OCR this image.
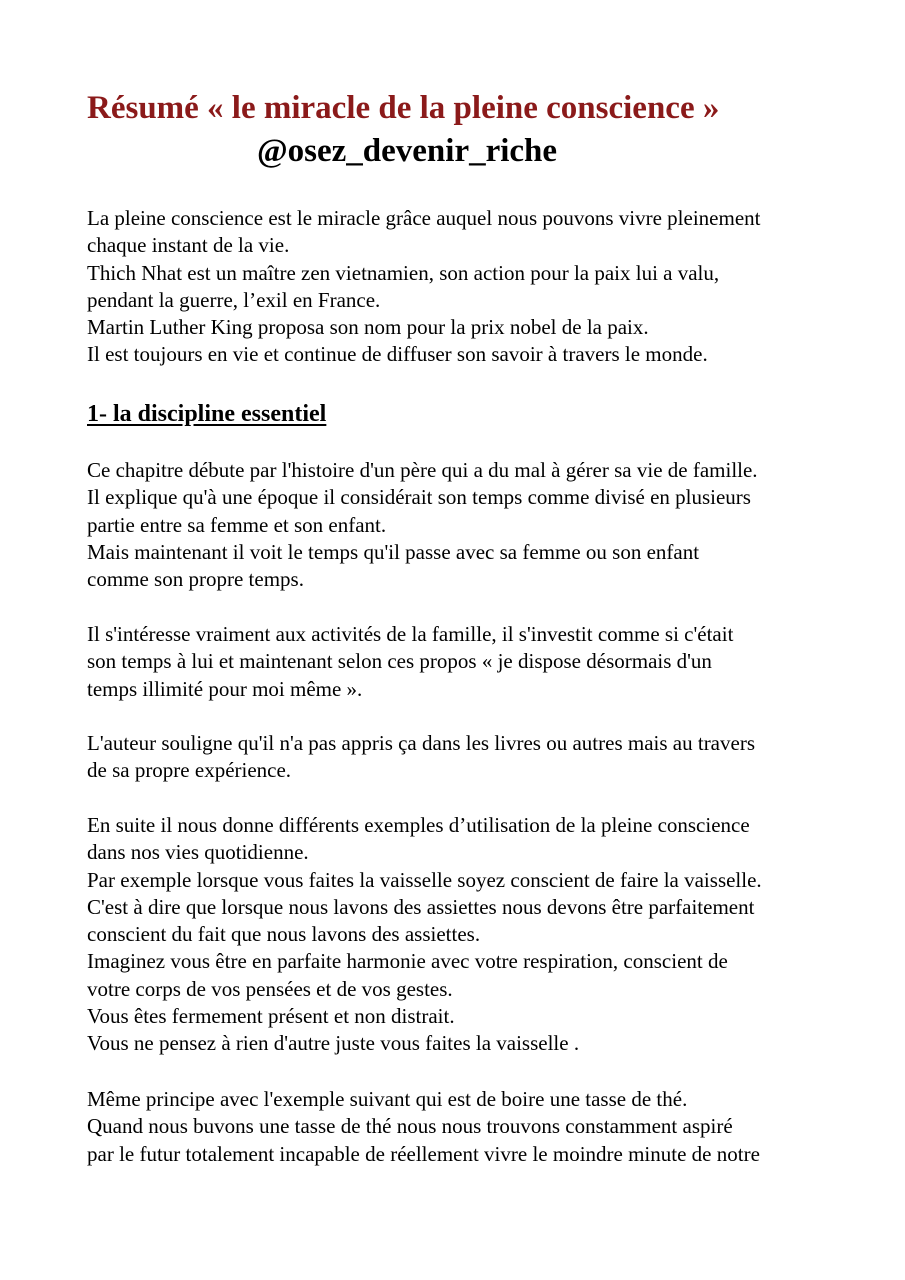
Résumé « le miracle de la pleine conscience »
@osez_devenir_riche
La pleine conscience est le miracle grâce auquel nous pouvons vivre pleinement
chaque instant de la vie.
Thich Nhat est un maître zen vietnamien, son action pour la paix lui a valu,
pendant la guerre, l’exil en France.
Martin Luther King proposa son nom pour la prix nobel de la paix.
Il est toujours en vie et continue de diffuser son savoir à travers le monde.
1- la discipline essentiel
Ce chapitre débute par l'histoire d'un père qui a du mal à gérer sa vie de famille.
Il explique qu'à une époque il considérait son temps comme divisé en plusieurs
partie entre sa femme et son enfant.
Mais maintenant il voit le temps qu'il passe avec sa femme ou son enfant
comme son propre temps.
Il s'intéresse vraiment aux activités de la famille, il s'investit comme si c'était
son temps à lui et maintenant selon ces propos « je dispose désormais d'un
temps illimité pour moi même ».
L'auteur souligne qu'il n'a pas appris ça dans les livres ou autres mais au travers
de sa propre expérience.
En suite il nous donne différents exemples d’utilisation de la pleine conscience
dans nos vies quotidienne.
Par exemple lorsque vous faites la vaisselle soyez conscient de faire la vaisselle.
C'est à dire que lorsque nous lavons des assiettes nous devons être parfaitement
conscient du fait que nous lavons des assiettes.
Imaginez vous être en parfaite harmonie avec votre respiration, conscient de
votre corps de vos pensées et de vos gestes.
Vous êtes fermement présent et non distrait.
Vous ne pensez à rien d'autre juste vous faites la vaisselle .
Même principe avec l'exemple suivant qui est de boire une tasse de thé.
Quand nous buvons une tasse de thé nous nous trouvons constamment aspiré
par le futur totalement incapable de réellement vivre le moindre minute de notre
